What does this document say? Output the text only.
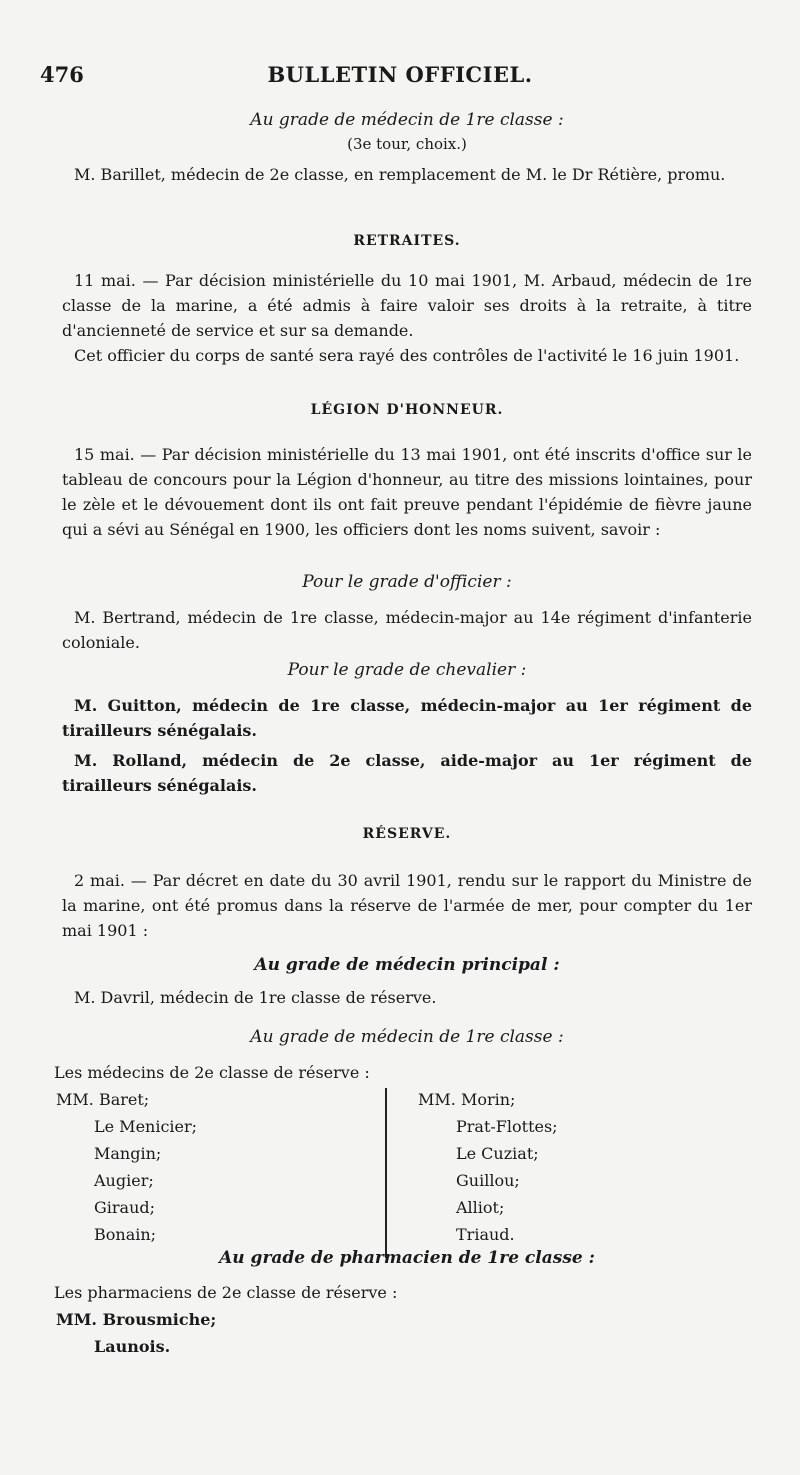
476	BULLETIN OFFICIEL.
Au grade de médecin de 1re classe :
(3e tour, choix.)

M. Barillet, médecin de 2e classe, en remplacement de M. le Dr Rétière, promu.

RETRAITES.

11 mai. — Par décision ministérielle du 10 mai 1901, M. Arbaud, médecin de 1re classe de la marine, a été admis à faire valoir ses droits à la retraite, à titre d'ancienneté de service et sur sa demande.

Cet officier du corps de santé sera rayé des contrôles de l'activité le 16 juin 1901.

LÉGION D'HONNEUR.

15 mai. — Par décision ministérielle du 13 mai 1901, ont été inscrits d'office sur le tableau de concours pour la Légion d'honneur, au titre des missions lointaines, pour le zèle et le dévouement dont ils ont fait preuve pendant l'épidémie de fièvre jaune qui a sévi au Sénégal en 1900, les officiers dont les noms suivent, savoir :

Pour le grade d'officier :

M. Bertrand, médecin de 1re classe, médecin-major au 14e régiment d'infanterie coloniale.

Pour le grade de chevalier :

M. Guitton, médecin de 1re classe, médecin-major au 1er régiment de tirailleurs sénégalais.

M. Rolland, médecin de 2e classe, aide-major au 1er régiment de tirailleurs sénégalais.

RÉSERVE.

2 mai. — Par décret en date du 30 avril 1901, rendu sur le rapport du Ministre de la marine, ont été promus dans la réserve de l'armée de mer, pour compter du 1er mai 1901 :

Au grade de médecin principal :

M. Davril, médecin de 1re classe de réserve.

Au grade de médecin de 1re classe :

Les médecins de 2e classe de réserve :

MM. Baret;
Le Menicier;
Mangin;
Augier;
Giraud;
Bonain;
MM. Morin;
Prat-Flottes;
Le Cuziat;
Guillou;
Alliot;
Triaud.
Au grade de pharmacien de 1re classe :

Les pharmaciens de 2e classe de réserve :

MM. Brousmiche;
Launois.
